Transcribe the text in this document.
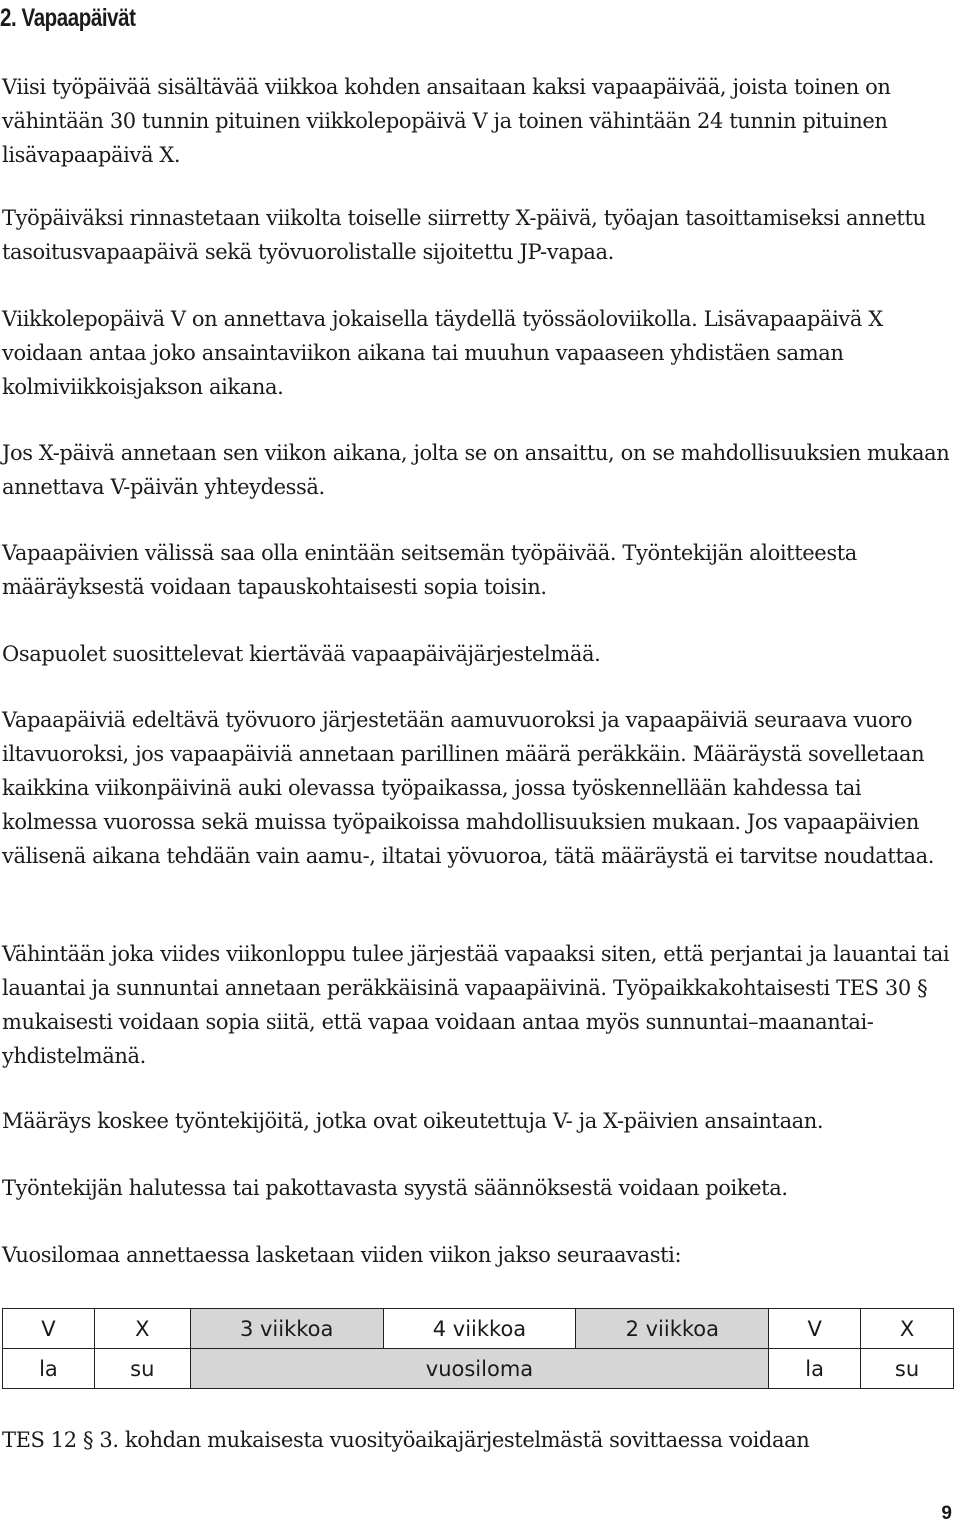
2. Vapaapäivät

Viisi työpäivää sisältävää viikkoa kohden ansaitaan kaksi vapaapäivää, joista toinen on vähintään 30 tunnin pituinen viikkolepopäivä V ja toinen vähintään 24 tunnin pituinen lisävapaapäivä X.

Työpäiväksi rinnastetaan viikolta toiselle siirretty X-päivä, työajan tasoittamiseksi annettu tasoitusvapaapäivä sekä työvuorolistalle sijoitettu JP-vapaa.

Viikkolepopäivä V on annettava jokaisella täydellä työssäoloviikolla. Lisävapaapäivä X voidaan antaa joko ansaintaviikon aikana tai muuhun vapaaseen yhdistäen saman kolmiviikkoisjakson aikana.

Jos X-päivä annetaan sen viikon aikana, jolta se on ansaittu, on se mahdollisuuksien mukaan annettava V-päivän yhteydessä.

Vapaapäivien välissä saa olla enintään seitsemän työpäivää. Työntekijän aloitteesta määräyksestä voidaan tapauskohtaisesti sopia toisin.

Osapuolet suosittelevat kiertävää vapaapäiväjärjestelmää.

Vapaapäiviä edeltävä työvuoro järjestetään aamuvuoroksi ja vapaapäiviä seuraava vuoro iltavuoroksi, jos vapaapäiviä annetaan parillinen määrä peräkkäin. Määräystä sovelletaan kaikkina viikonpäivinä auki olevassa työpaikassa, jossa työskennellään kahdessa tai kolmessa vuorossa sekä muissa työpaikoissa mahdollisuuksien mukaan. Jos vapaapäivien välisenä aikana tehdään vain aamu-, iltatai yövuoroa, tätä määräystä ei tarvitse noudattaa.

Vähintään joka viides viikonloppu tulee järjestää vapaaksi siten, että perjantai ja lauantai tai lauantai ja sunnuntai annetaan peräkkäisinä vapaapäivinä. Työpaikkakohtaisesti TES 30 § mukaisesti voidaan sopia siitä, että vapaa voidaan antaa myös sunnuntai–maanantai-yhdistelmänä.

Määräys koskee työntekijöitä, jotka ovat oikeutettuja V- ja X-päivien ansaintaan.

Työntekijän halutessa tai pakottavasta syystä säännöksestä voidaan poiketa.

Vuosilomaa annettaessa lasketaan viiden viikon jakso seuraavasti:

V	X	3 viikkoa	4 viikkoa	2 viikkoa	V	X
la	su	vuosiloma			la	su

TES 12 § 3. kohdan mukaisesta vuosityöaikajärjestelmästä sovittaessa voidaan

9
